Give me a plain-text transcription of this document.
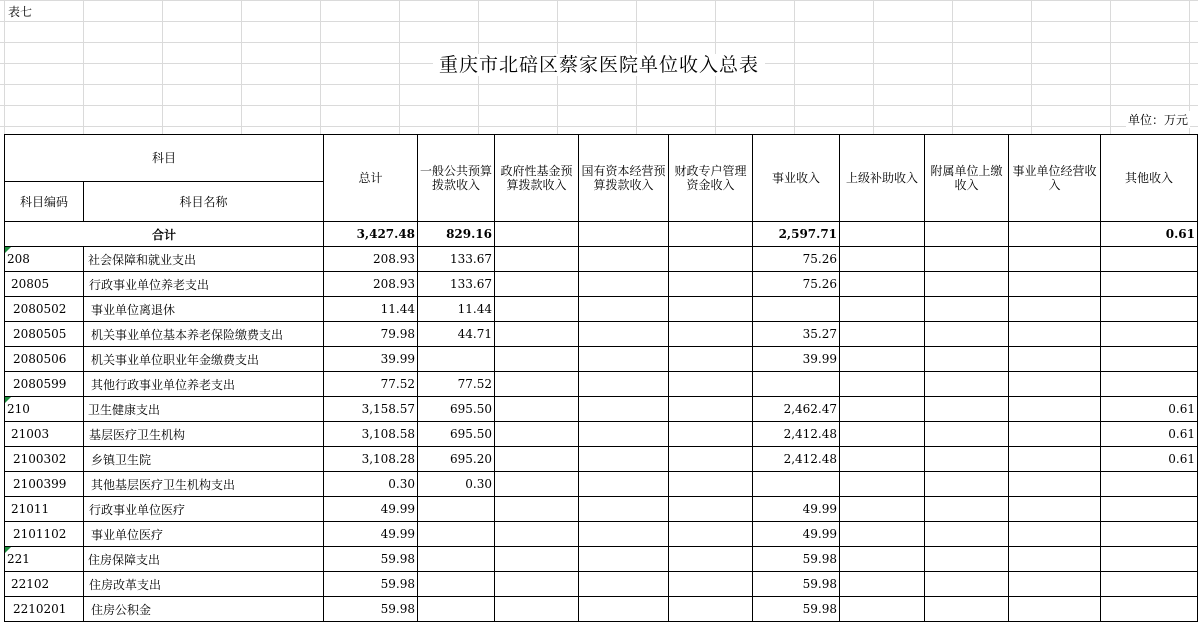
表七
重庆市北碚区蔡家医院单位收入总表
单位：万元
科目		总计	一般公共预算拨款收入	政府性基金预算拨款收入	国有资本经营预算拨款收入	财政专户管理资金收入	事业收入	上级补助收入	附属单位上缴收入	事业单位经营收入	其他收入
科目编码	科目名称										
合计		3,427.48	829.16				2,597.71				0.61
208	社会保障和就业支出	208.93	133.67				75.26				
20805	行政事业单位养老支出	208.93	133.67				75.26				
2080502	事业单位离退休	11.44	11.44								
2080505	机关事业单位基本养老保险缴费支出	79.98	44.71				35.27				
2080506	机关事业单位职业年金缴费支出	39.99					39.99				
2080599	其他行政事业单位养老支出	77.52	77.52								
210	卫生健康支出	3,158.57	695.50				2,462.47				0.61
21003	基层医疗卫生机构	3,108.58	695.50				2,412.48				0.61
2100302	乡镇卫生院	3,108.28	695.20				2,412.48				0.61
2100399	其他基层医疗卫生机构支出	0.30	0.30								
21011	行政事业单位医疗	49.99					49.99				
2101102	事业单位医疗	49.99					49.99				
221	住房保障支出	59.98					59.98				
22102	住房改革支出	59.98					59.98				
2210201	住房公积金	59.98					59.98				
